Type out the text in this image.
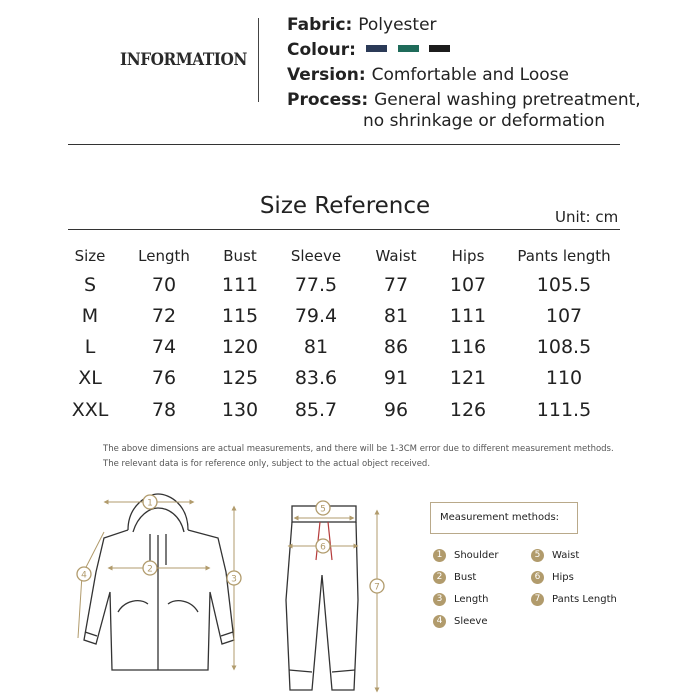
INFORMATION
Fabric: Polyester
Colour:
Version: Comfortable and Loose
Process: General washing pretreatment,
no shrinkage or deformation
Size Reference	Unit: cm
Size Length Bust Sleeve Waist Hips Pants length
S	70 111 77.5 77 107	105.5
M	72 115 79.4 81 111	107
L	74 120 81	86 116	108.5
XL	76 125 83.6 91 121	110
XXL 78 130 85.7 96 126	111.5
The above dimensions are actual measurements, and there will be 1-3CM error due to different measurement methods.
The relevant data is for reference only, subject to the actual object received.
1
2
3
4
5
6
7
Measurement methods:
1 Shoulder
2 Bust
3 Length
4 Sleeve
5 Waist
6 Hips
7 Pants Length
